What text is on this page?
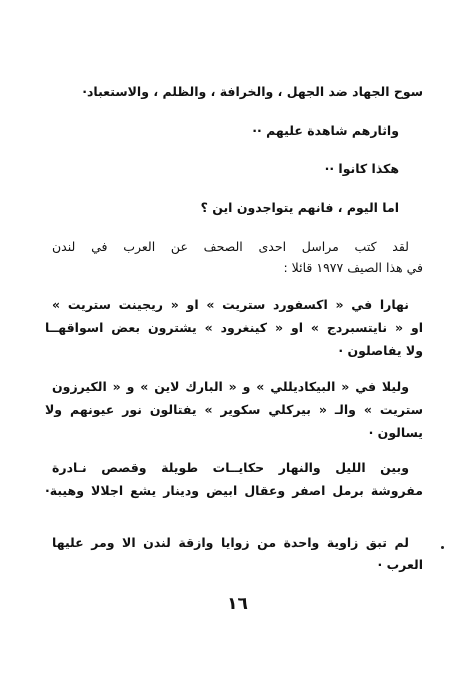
سوح الجهاد ضد الجهل ، والخرافة ، والظلم ، والاستعباد·
واثارهم شاهدة عليهم ··
هكذا كانوا ··
اما اليوم ، فانهم يتواجدون اين ؟
لقد كتب مراسل احدى الصحف عن العرب في لندن
في هذا الصيف ١٩٧٧ قائلا :
نهارا في « اكسفورد ستريت » او « ريجينت ستريت »
او « نايتسبردج » او « كينغرود » يشترون بعض اسواقهــا
ولا يفاصلون ·
وليلا في « البيكاديللي » و « البارك لاين » و « الكيرزون
ستريت » والـ « بيركلي سكوير » يفتالون نور عيونهم ولا
يسالون ·
وبين الليل والنهار حكايــات طويلة وقصص نـادرة
مفروشة برمل اصفر وعقال ابيض ودينار يشع اجلالا وهيبة·
لم تبق زاوية واحدة من زوايا وازقة لندن الا ومر عليها
العرب ·
١٦
